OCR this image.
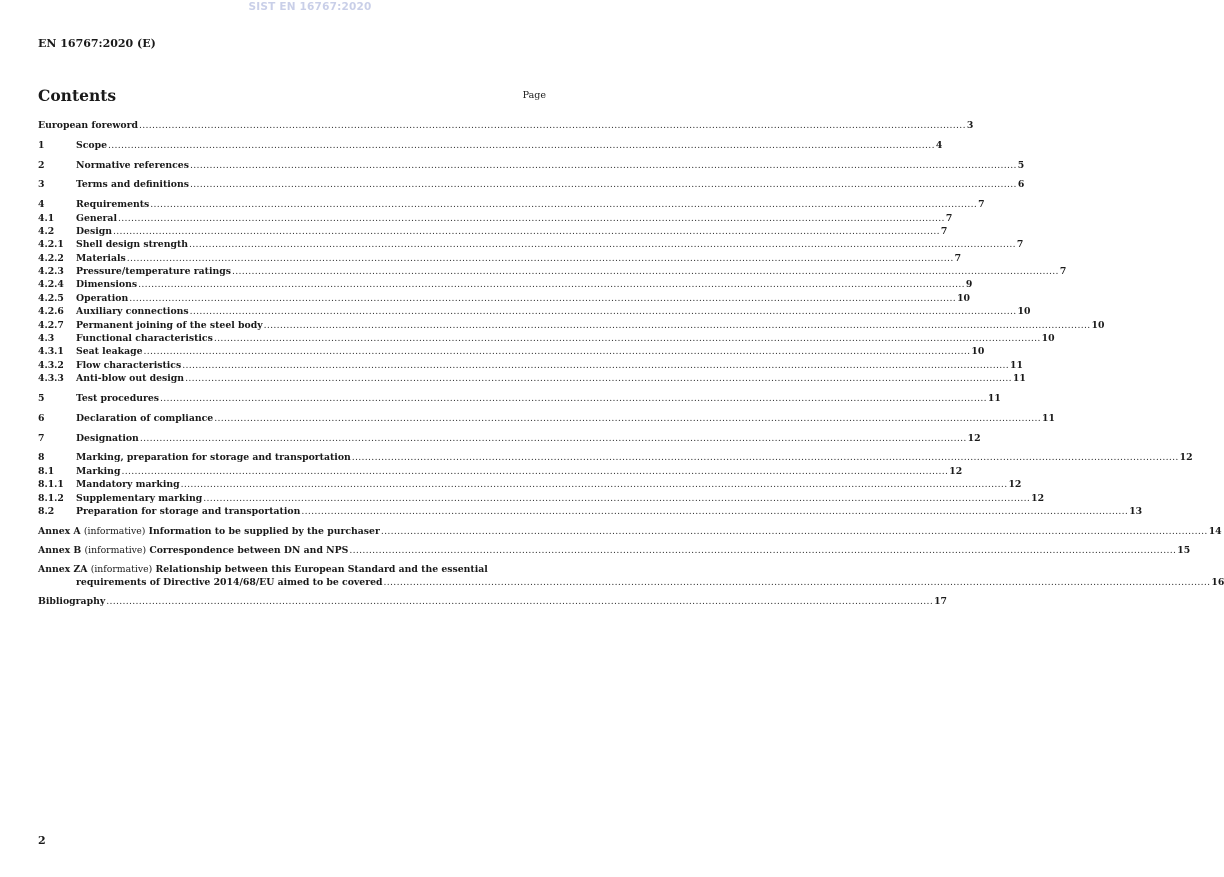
SIST EN 16767:2020
EN 16767:2020 (E)
Contents	Page
European foreword .............................................................................................................................................................................................................................................................. 3
1	Scope .............................................................................................................................................................................................................................................................. 4
2	Normative references .............................................................................................................................................................................................................................................................. 5
3	Terms and definitions .............................................................................................................................................................................................................................................................. 6
4	Requirements .............................................................................................................................................................................................................................................................. 7
4.1	General .............................................................................................................................................................................................................................................................. 7
4.2	Design .............................................................................................................................................................................................................................................................. 7
4.2.1	Shell design strength .............................................................................................................................................................................................................................................................. 7
4.2.2	Materials .............................................................................................................................................................................................................................................................. 7
4.2.3	Pressure/temperature ratings .............................................................................................................................................................................................................................................................. 7
4.2.4	Dimensions .............................................................................................................................................................................................................................................................. 9
4.2.5	Operation .............................................................................................................................................................................................................................................................. 10
4.2.6	Auxiliary connections .............................................................................................................................................................................................................................................................. 10
4.2.7	Permanent joining of the steel body .............................................................................................................................................................................................................................................................. 10
4.3	Functional characteristics .............................................................................................................................................................................................................................................................. 10
4.3.1	Seat leakage .............................................................................................................................................................................................................................................................. 10
4.3.2	Flow characteristics .............................................................................................................................................................................................................................................................. 11
4.3.3	Anti-blow out design .............................................................................................................................................................................................................................................................. 11
5	Test procedures .............................................................................................................................................................................................................................................................. 11
6	Declaration of compliance .............................................................................................................................................................................................................................................................. 11
7	Designation .............................................................................................................................................................................................................................................................. 12
8	Marking, preparation for storage and transportation .............................................................................................................................................................................................................................................................. 12
8.1	Marking .............................................................................................................................................................................................................................................................. 12
8.1.1	Mandatory marking .............................................................................................................................................................................................................................................................. 12
8.1.2	Supplementary marking .............................................................................................................................................................................................................................................................. 12
8.2	Preparation for storage and transportation .............................................................................................................................................................................................................................................................. 13
Annex A (informative) Information to be supplied by the purchaser .............................................................................................................................................................................................................................................................. 14
Annex B (informative) Correspondence between DN and NPS .............................................................................................................................................................................................................................................................. 15
Annex ZA (informative) Relationship between this European Standard and the essential
requirements of Directive 2014/68/EU aimed to be covered .............................................................................................................................................................................................................................................................. 16
Bibliography .............................................................................................................................................................................................................................................................. 17
2
